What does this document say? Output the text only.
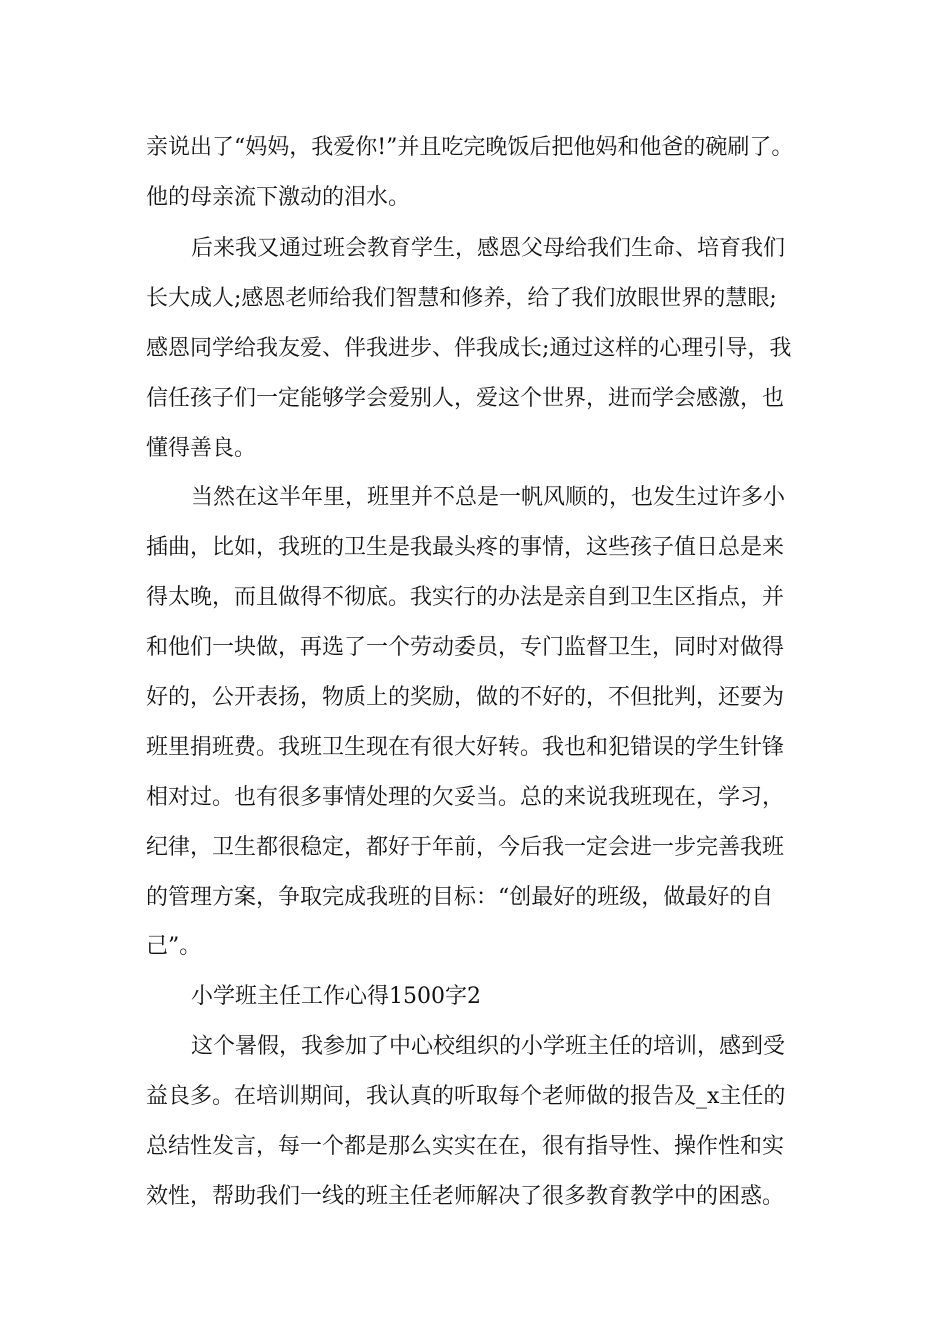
亲说出了“妈妈，我爱你!”并且吃完晚饭后把他妈和他爸的碗刷了。
他的母亲流下激动的泪水。
后来我又通过班会教育学生，感恩父母给我们生命、培育我们
长大成人;感恩老师给我们智慧和修养，给了我们放眼世界的慧眼;
感恩同学给我友爱、伴我进步、伴我成长;通过这样的心理引导，我
信任孩子们一定能够学会爱别人，爱这个世界，进而学会感激，也
懂得善良。
当然在这半年里，班里并不总是一帆风顺的，也发生过许多小
插曲，比如，我班的卫生是我最头疼的事情，这些孩子值日总是来
得太晚，而且做得不彻底。我实行的办法是亲自到卫生区指点，并
和他们一块做，再选了一个劳动委员，专门监督卫生，同时对做得
好的，公开表扬，物质上的奖励，做的不好的，不但批判，还要为
班里捐班费。我班卫生现在有很大好转。我也和犯错误的学生针锋
相对过。也有很多事情处理的欠妥当。总的来说我班现在，学习，
纪律，卫生都很稳定，都好于年前，今后我一定会进一步完善我班
的管理方案，争取完成我班的目标：“创最好的班级，做最好的自
己”。
小学班主任工作心得1500字2
这个暑假，我参加了中心校组织的小学班主任的培训，感到受
益良多。在培训期间，我认真的听取每个老师做的报告及_x主任的
总结性发言，每一个都是那么实实在在，很有指导性、操作性和实
效性，帮助我们一线的班主任老师解决了很多教育教学中的困惑。
